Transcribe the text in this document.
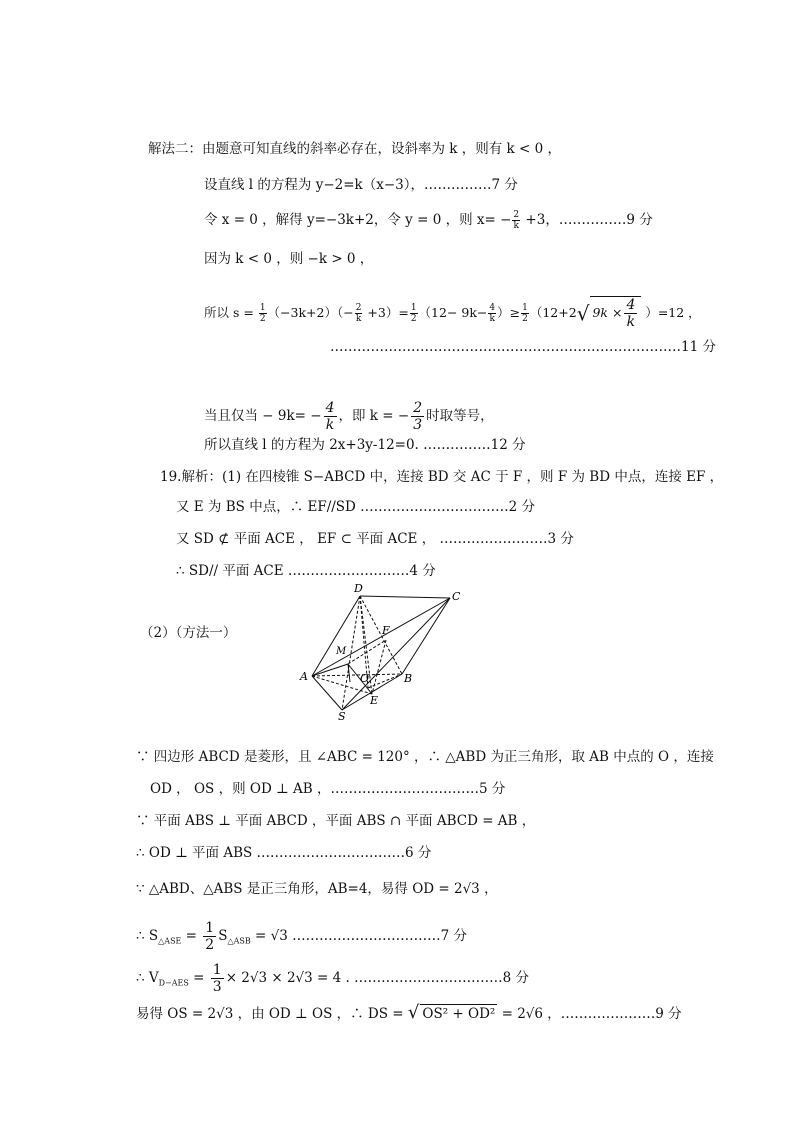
解法二：由题意可知直线的斜率必存在，设斜率为 k ，则有 k < 0 ，
设直线 l 的方程为 y−2=k（x−3），……………7 分
令 x = 0 ，解得 y=−3k+2，令 y = 0 ，则 $x= - \frac{2}{k} +3$，……………9 分
因为 k < 0 ，则 −k > 0 ，
所以 $s = \frac{1}{2} (-3k+2)(- \frac{2}{k} +3)= \frac{1}{2} (12- 9k- \frac{4}{k}$ ）≥ $\frac{1}{2} (12+2√$ $9k \times \frac{4}{k} )=12$ ，
……………………………………………………………………11 分
当且仅当 − $9k= - \frac{4}{k}$ ，即 k = − $\frac{2}{3}$ 时取等号，
所以直线 l 的方程为 2x+3y-12=0. ……………12 分
19.解析：(1) 在四棱锥 S−ABCD 中，连接 BD 交 AC 于 F ，则 F 为 BD 中点，连接 EF ，
又 E 为 BS 中点，∴ EF//SD ……………………………2 分
又 SD ⊄ 平面 ACE ， EF ⊂ 平面 ACE ， ……………………3 分
∴ SD// 平面 ACE ………………………4 分
（2）（方法一）
D
C
F
M
A	O	B
E
S
∵ 四边形 ABCD 是菱形，且 ∠ABC = 120° ，∴ △ABD 为正三角形，取 AB 中点的 O ，连接
OD ， OS ，则 OD ⊥ AB ，……………………………5 分
∵ 平面 ABS ⊥ 平面 ABCD ，平面 ABS ∩ 平面 ABCD = AB ，
∴ OD ⊥ 平面 ABS ……………………………6 分
∵ △ABD、△ABS 是正三角形，AB=4，易得 OD = 2√3 ，
∴ $S_{\triangle ASE} = \frac{1}{2} S_{\triangle ASB} = √3$ ……………………………7 分
∴ $V_{D-AES} = \frac{1}{3} \times 2√3 \times 2√3 = 4$ . ……………………………8 分
易得 OS = 2√3 ，由 OD ⊥ OS ，∴ DS = √ OS² + OD² = 2√6 ，…………………9 分
